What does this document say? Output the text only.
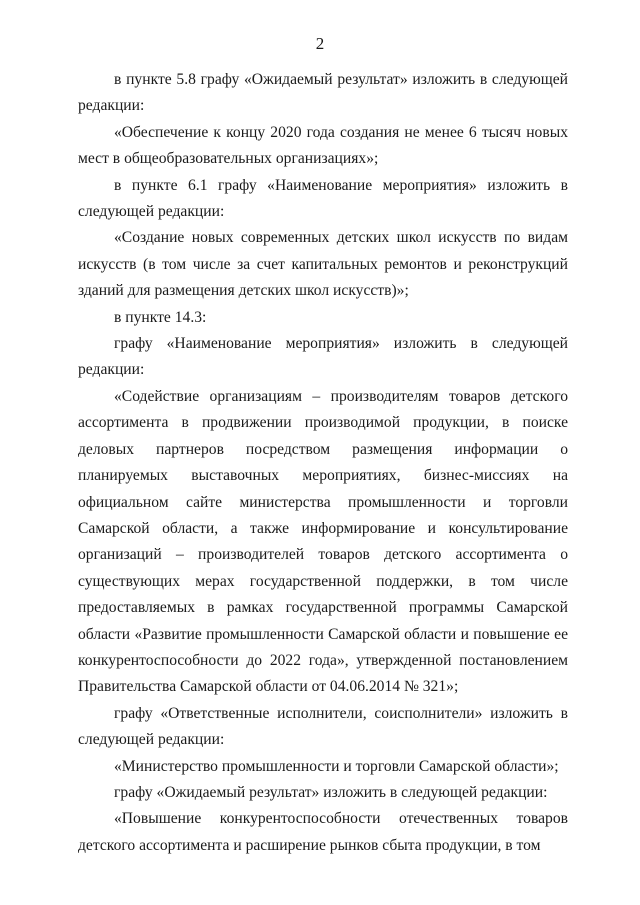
2

в пункте 5.8 графу «Ожидаемый результат» изложить в следующей редакции:

«Обеспечение к концу 2020 года создания не менее 6 тысяч новых мест в общеобразовательных организациях»;

в пункте 6.1 графу «Наименование мероприятия» изложить в следующей редакции:

«Создание новых современных детских школ искусств по видам искусств (в том числе за счет капитальных ремонтов и реконструкций зданий для размещения детских школ искусств)»;

в пункте 14.3:

графу «Наименование мероприятия» изложить в следующей редакции:

«Содействие организациям – производителям товаров детского ассортимента в продвижении производимой продукции, в поиске деловых партнеров посредством размещения информации о планируемых выставочных мероприятиях, бизнес-миссиях на официальном сайте министерства промышленности и торговли Самарской области, а также информирование и консультирование организаций – производителей товаров детского ассортимента о существующих мерах государственной поддержки, в том числе предоставляемых в рамках государственной программы Самарской области «Развитие промышленности Самарской области и повышение ее конкурентоспособности до 2022 года», утвержденной постановлением Правительства Самарской области от 04.06.2014 № 321»;

графу «Ответственные исполнители, соисполнители» изложить в следующей редакции:

«Министерство промышленности и торговли Самарской области»;

графу «Ожидаемый результат» изложить в следующей редакции:

«Повышение конкурентоспособности отечественных товаров детского ассортимента и расширение рынков сбыта продукции, в том
